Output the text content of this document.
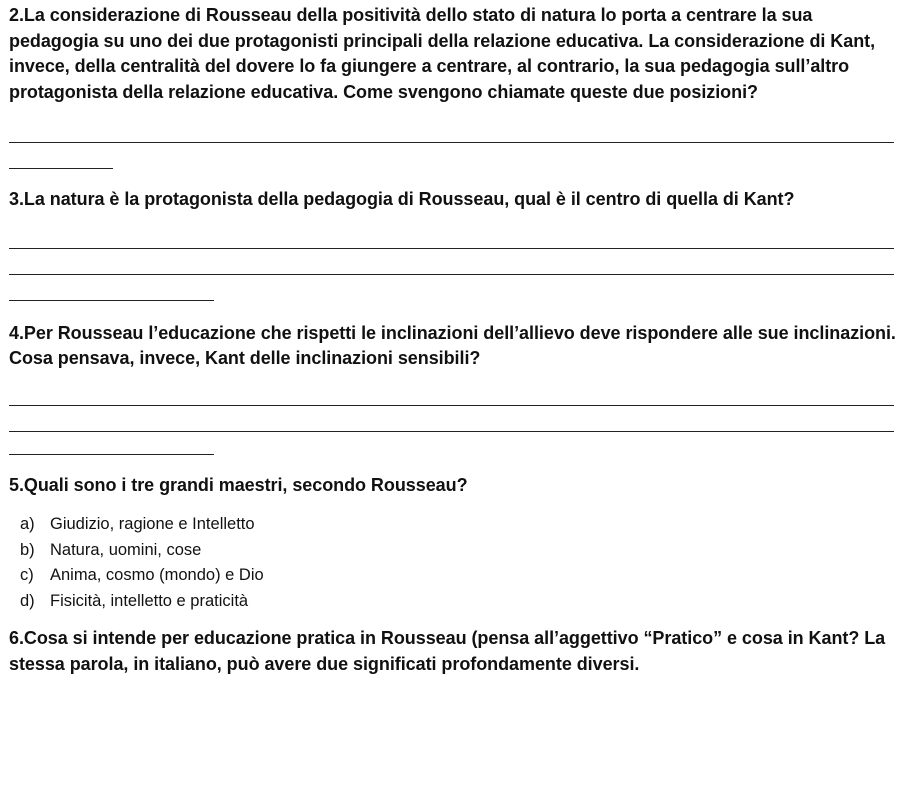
2.La considerazione di Rousseau della positività dello stato di natura lo porta a centrare la sua pedagogia su uno dei due protagonisti principali della relazione educativa. La considerazione di Kant, invece, della centralità del dovere lo fa giungere a centrare, al contrario, la sua pedagogia sull’altro protagonista della relazione educativa. Come svengono chiamate queste due posizioni?

3.La natura è la protagonista della pedagogia di Rousseau, qual è il centro di quella di Kant?

4.Per Rousseau l’educazione che rispetti le inclinazioni dell’allievo deve rispondere alle sue inclinazioni. Cosa pensava, invece, Kant delle inclinazioni sensibili?

5.Quali sono i tre grandi maestri, secondo Rousseau?

a) Giudizio, ragione e Intelletto
b) Natura, uomini, cose
c) Anima, cosmo (mondo) e Dio
d) Fisicità, intelletto e praticità

6.Cosa si intende per educazione pratica in Rousseau (pensa all’aggettivo “Pratico” e cosa in Kant? La stessa parola, in italiano, può avere due significati profondamente diversi.
